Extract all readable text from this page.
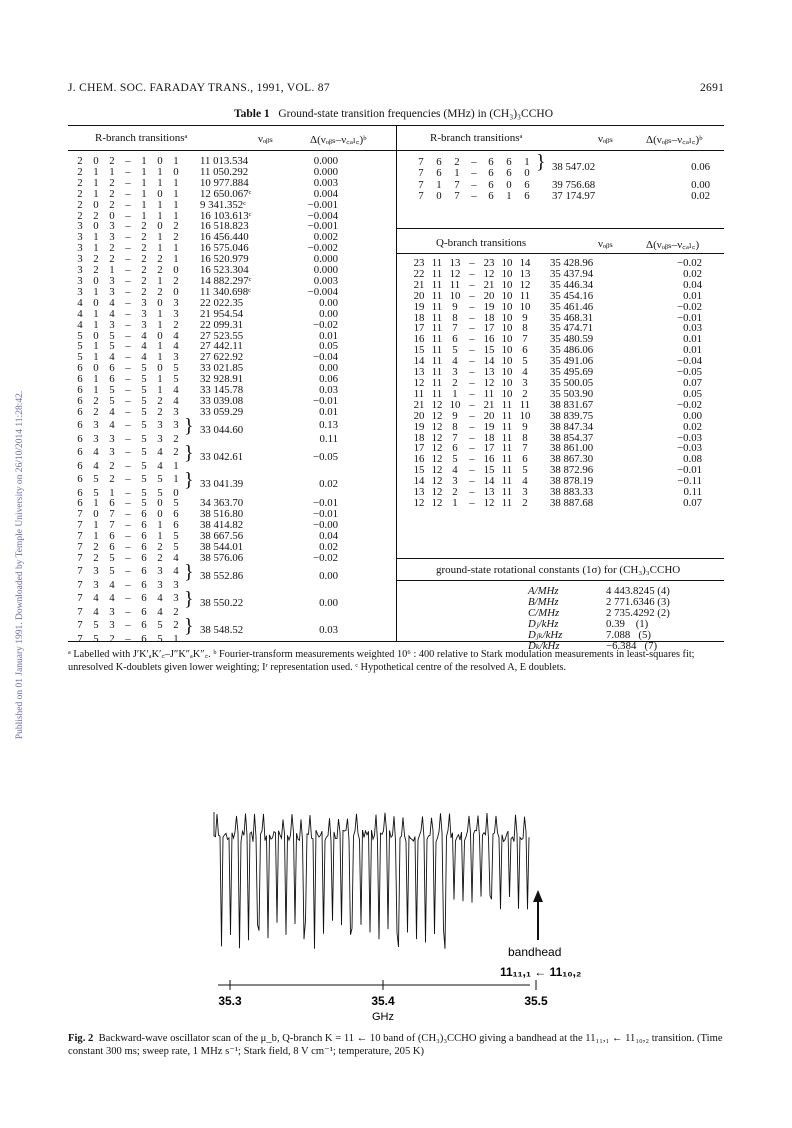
Published on 01 January 1991. Downloaded by Temple University on 26/10/2014 11:28:42.
J. CHEM. SOC. FARADAY TRANS., 1991, VOL. 87	2691
Table 1 Ground-state transition frequencies (MHz) in (CH₃)₃CCHO
R-branch transitionsᵃ	νₒᵦₛ	Δ(νₒᵦₛ–ν꜀ₐₗ꜀)ᵇ	R-branch transitionsᵃ	νₒᵦₛ	Δ(νₒᵦₛ–ν꜀ₐₗ꜀)ᵇ
2	0	2	–	1	0	1		11 013.534	0.000
2	1	1	–	1	1	0		11 050.292	0.000
2	1	2	–	1	1	1		10 977.884	0.003
2	1	2	–	1	0	1		12 650.067ᶜ	0.004
2	0	2	–	1	1	1		9 341.352ᶜ	−0.001
2	2	0	–	1	1	1		16 103.613ᶜ	−0.004
3	0	3	–	2	0	2		16 518.823	−0.001
3	1	3	–	2	1	2		16 456.440	0.002
3	1	2	–	2	1	1		16 575.046	−0.002
3	2	2	–	2	2	1		16 520.979	0.000
3	2	1	–	2	2	0		16 523.304	0.000
3	0	3	–	2	1	2		14 882.297ᶜ	0.003
3	1	3	–	2	2	0		11 340.698ᶜ	−0.004
4	0	4	–	3	0	3		22 022.35	0.00
4	1	4	–	3	1	3		21 954.54	0.00
4	1	3	–	3	1	2		22 099.31	−0.02
5	0	5	–	4	0	4		27 523.55	0.01
5	1	5	–	4	1	4		27 442.11	0.05
5	1	4	–	4	1	3		27 622.92	−0.04
6	0	6	–	5	0	5		33 021.85	0.00
6	1	6	–	5	1	5		32 928.91	0.06
6	1	5	–	5	1	4		33 145.78	0.03
6	2	5	–	5	2	4		33 039.08	−0.01
6	2	4	–	5	2	3		33 059.29	0.01
6	3	4	–	5	3	3	}	33 044.60	0.13
6	3	3	–	5	3	2			0.11
6	4	3	–	5	4	2	}	33 042.61	−0.05
6	4	2	–	5	4	1			
6	5	2	–	5	5	1	}	33 041.39	0.02
6	5	1	–	5	5	0			
6	1	6	–	5	0	5		34 363.70	−0.01
7	0	7	–	6	0	6		38 516.80	−0.01
7	1	7	–	6	1	6		38 414.82	−0.00
7	1	6	–	6	1	5		38 667.56	0.04
7	2	6	–	6	2	5		38 544.01	0.02
7	2	5	–	6	2	4		38 576.06	−0.02
7	3	5	–	6	3	4	}	38 552.86	0.00
7	3	4	–	6	3	3			
7	4	4	–	6	4	3	}	38 550.22	0.00
7	4	3	–	6	4	2			
7	5	3	–	6	5	2	}	38 548.52	0.03
7	5	2	–	6	5	1			
7	6	2	–	6	6	1	}	38 547.02	0.06
7	6	1	–	6	6	0			
7	1	7	–	6	0	6		39 756.68	0.00
7	0	7	–	6	1	6		37 174.97	0.02
Q-branch transitions	νₒᵦₛ	Δ(νₒᵦₛ–ν꜀ₐₗ꜀)
23	11	13	–	23	10	14		35 428.96	−0.02
22	11	12	–	12	10	13		35 437.94	0.02
21	11	11	–	21	10	12		35 446.34	0.04
20	11	10	–	20	10	11		35 454.16	0.01
19	11	9	–	19	10	10		35 461.46	−0.02
18	11	8	–	18	10	9		35 468.31	−0.01
17	11	7	–	17	10	8		35 474.71	0.03
16	11	6	–	16	10	7		35 480.59	0.01
15	11	5	–	15	10	6		35 486.06	0.01
14	11	4	–	14	10	5		35 491.06	−0.04
13	11	3	–	13	10	4		35 495.69	−0.05
12	11	2	–	12	10	3		35 500.05	0.07
11	11	1	–	11	10	2		35 503.90	0.05
21	12	10	–	21	11	11		38 831.67	−0.02
20	12	9	–	20	11	10		38 839.75	0.00
19	12	8	–	19	11	9		38 847.34	0.02
18	12	7	–	18	11	8		38 854.37	−0.03
17	12	6	–	17	11	7		38 861.00	−0.03
16	12	5	–	16	11	6		38 867.30	0.08
15	12	4	–	15	11	5		38 872.96	−0.01
14	12	3	–	14	11	4		38 878.19	−0.11
13	12	2	–	13	11	3		38 883.33	0.11
12	12	1	–	12	11	2		38 887.68	0.07
ground-state rotational constants (1σ) for (CH₃)₃CCHO
A/MHz	4 443.8245 (4)
B/MHz	2 771.6346 (3)
C/MHz	2 735.4292 (2)
Dⱼ/kHz	0.39    (1)
Dⱼₖ/kHz	7.088   (5)
Dₖ/kHz	−6.384   (7)
ᵃ Labelled with J′K′ₐK′꜀–J″K″ₐK″꜀. ᵇ Fourier-transform measurements weighted 10⁶ : 400 relative to Stark modulation measurements in least-squares fit; unresolved K-doublets given lower weighting; Iʳ representation used. ᶜ Hypothetical centre of the resolved A, E doublets.
35.3	35.4	35.5
GHz
bandhead
11₁₁,₁ ← 11₁₀,₂
Fig. 2 Backward-wave oscillator scan of the μ_b, Q-branch K = 11 ← 10 band of (CH₃)₃CCHO giving a bandhead at the 11₁₁,₁ ← 11₁₀,₂ transition. (Time constant 300 ms; sweep rate, 1 MHz s⁻¹; Stark field, 8 V cm⁻¹; temperature, 205 K)
